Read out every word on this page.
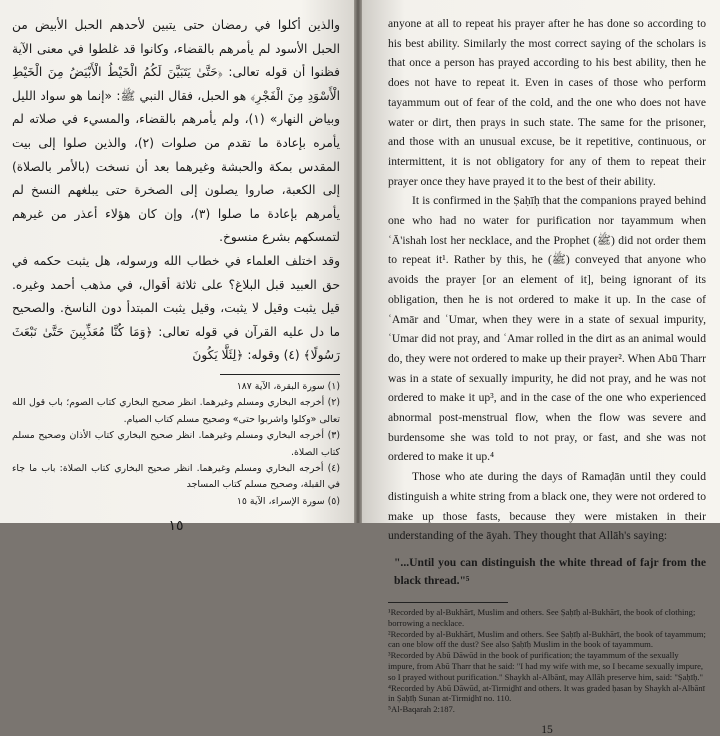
والذين أكلوا في رمضان حتى يتبين لأحدهم الحبل الأبيض من الحبل الأسود لم يأمرهم بالقضاء، وكانوا قد غلطوا في معنى الآية فظنوا أن قوله تعالى: ﴿حَتَّىٰ يَتَبَيَّنَ لَكُمُ الْخَيْطُ الْأَبْيَضُ مِنَ الْخَيْطِ الْأَسْوَدِ مِنَ الْفَجْرِ﴾ هو الحبل، فقال النبي ﷺ: «إنما هو سواد الليل وبياض النهار» (١)، ولم يأمرهم بالقضاء، والمسيء في صلاته لم يأمره بإعادة ما تقدم من صلوات (٢)، والذين صلوا إلى بيت المقدس بمكة والحبشة وغيرهما بعد أن نسخت (بالأمر بالصلاة) إلى الكعبة، صاروا يصلون إلى الصخرة حتى يبلغهم النسخ لم يأمرهم بإعادة ما صلوا (٣)، وإن كان هؤلاء أعذر من غيرهم لتمسكهم بشرع منسوخ.

وقد اختلف العلماء في خطاب الله ورسوله، هل يثبت حكمه في حق العبيد قبل البلاغ؟ على ثلاثة أقوال، في مذهب أحمد وغيره. قيل يثبت وقيل لا يثبت، وقيل يثبت المبتدأ دون الناسخ. والصحيح ما دل عليه القرآن في قوله تعالى: ﴿وَمَا كُنَّا مُعَذِّبِينَ حَتَّىٰ نَبْعَثَ رَسُولًا﴾ (٤) وقوله: ﴿لِئَلَّا يَكُونَ

(١) سورة البقرة، الآية ١٨٧

(٢) أخرجه البخاري ومسلم وغيرهما. انظر صحيح البخاري كتاب الصوم؛ باب قول الله تعالى «وكلوا واشربوا حتى» وصحيح مسلم كتاب الصيام.

(٣) أخرجه البخاري ومسلم وغيرهما. انظر صحيح البخاري كتاب الأذان وصحيح مسلم كتاب الصلاة.

(٤) أخرجه البخاري ومسلم وغيرهما. انظر صحيح البخاري كتاب الصلاة: باب ما جاء في القبلة، وصحيح مسلم كتاب المساجد

(٥) سورة الإسراء، الآية ١٥

١٥

anyone at all to repeat his prayer after he has done so according to his best ability. Similarly the most correct saying of the scholars is that once a person has prayed according to his best ability, then he does not have to repeat it. Even in cases of those who perform tayammum out of fear of the cold, and the one who does not have water or dirt, then prays in such state. The same for the prisoner, and those with an unusual excuse, be it repetitive, continuous, or intermittent, it is not obligatory for any of them to repeat their prayer once they have prayed it to the best of their ability.

It is confirmed in the Ṣaḥīḥ that the companions prayed behind one who had no water for purification nor tayammum when ʿĀ'ishah lost her necklace, and the Prophet (ﷺ) did not order them to repeat it¹. Rather by this, he (ﷺ) conveyed that anyone who avoids the prayer [or an element of it], being ignorant of its obligation, then he is not ordered to make it up. In the case of ʿAmār and ʿUmar, when they were in a state of sexual impurity, ʿUmar did not pray, and ʿAmar rolled in the dirt as an animal would do, they were not ordered to make up their prayer². When Abū Tharr was in a state of sexually impurity, he did not pray, and he was not ordered to make it up³, and in the case of the one who experienced abnormal post-menstrual flow, when the flow was severe and burdensome she was told to not pray, or fast, and she was not ordered to make it up.⁴

Those who ate during the days of Ramaḍān until they could distinguish a white string from a black one, they were not ordered to make up those fasts, because they were mistaken in their understanding of the āyah. They thought that Allāh's saying:

"...Until you can distinguish the white thread of fajr from the black thread."⁵

¹Recorded by al-Bukhārī, Muslim and others. See Ṣaḥīḥ al-Bukhārī, the book of clothing; borrowing a necklace.

²Recorded by al-Bukhārī, Muslim and others. See Ṣaḥīḥ al-Bukhārī, the book of tayammum; can one blow off the dust? See also Ṣaḥīḥ Muslim in the book of tayammum.

³Recorded by Abū Dāwūd in the book of purification; the tayammum of the sexually impure, from Abū Tharr that he said: "I had my wife with me, so I became sexually impure, so I prayed without purification." Shaykh al-Albānī, may Allāh preserve him, said: "Ṣaḥīḥ."

⁴Recorded by Abū Dāwūd, at-Tirmiḏhī and others. It was graded ḥasan by Shaykh al-Albānī in Ṣaḥīḥ Sunan at-Tirmiḏhī no. 110.

⁵Al-Baqarah 2:187.

15
